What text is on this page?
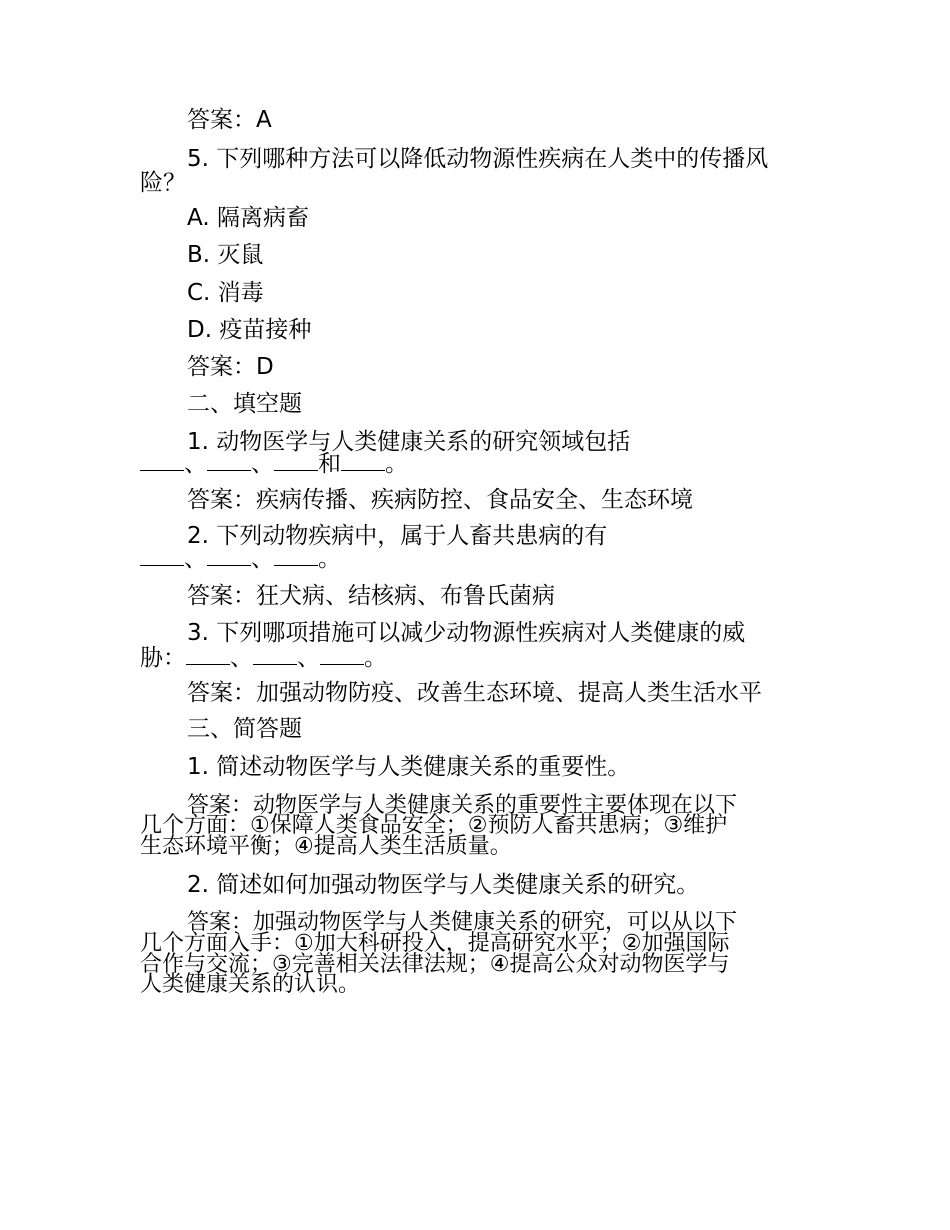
答案：A
5. 下列哪种方法可以降低动物源性疾病在人类中的传播风
险？
A. 隔离病畜
B. 灭鼠
C. 消毒
D. 疫苗接种
答案：D
二、填空题
1. 动物医学与人类健康关系的研究领域包括
、 、 和 。
答案：疾病传播、疾病防控、食品安全、生态环境
2. 下列动物疾病中，属于人畜共患病的有
、 、 。
答案：狂犬病、结核病、布鲁氏菌病
3. 下列哪项措施可以减少动物源性疾病对人类健康的威
胁： 、 、 。
答案：加强动物防疫、改善生态环境、提高人类生活水平
三、简答题
1. 简述动物医学与人类健康关系的重要性。
答案：动物医学与人类健康关系的重要性主要体现在以下
几个方面：①保障人类食品安全；②预防人畜共患病；③维护
生态环境平衡；④提高人类生活质量。
2. 简述如何加强动物医学与人类健康关系的研究。
答案：加强动物医学与人类健康关系的研究，可以从以下
几个方面入手：①加大科研投入，提高研究水平；②加强国际
合作与交流；③完善相关法律法规；④提高公众对动物医学与
人类健康关系的认识。
